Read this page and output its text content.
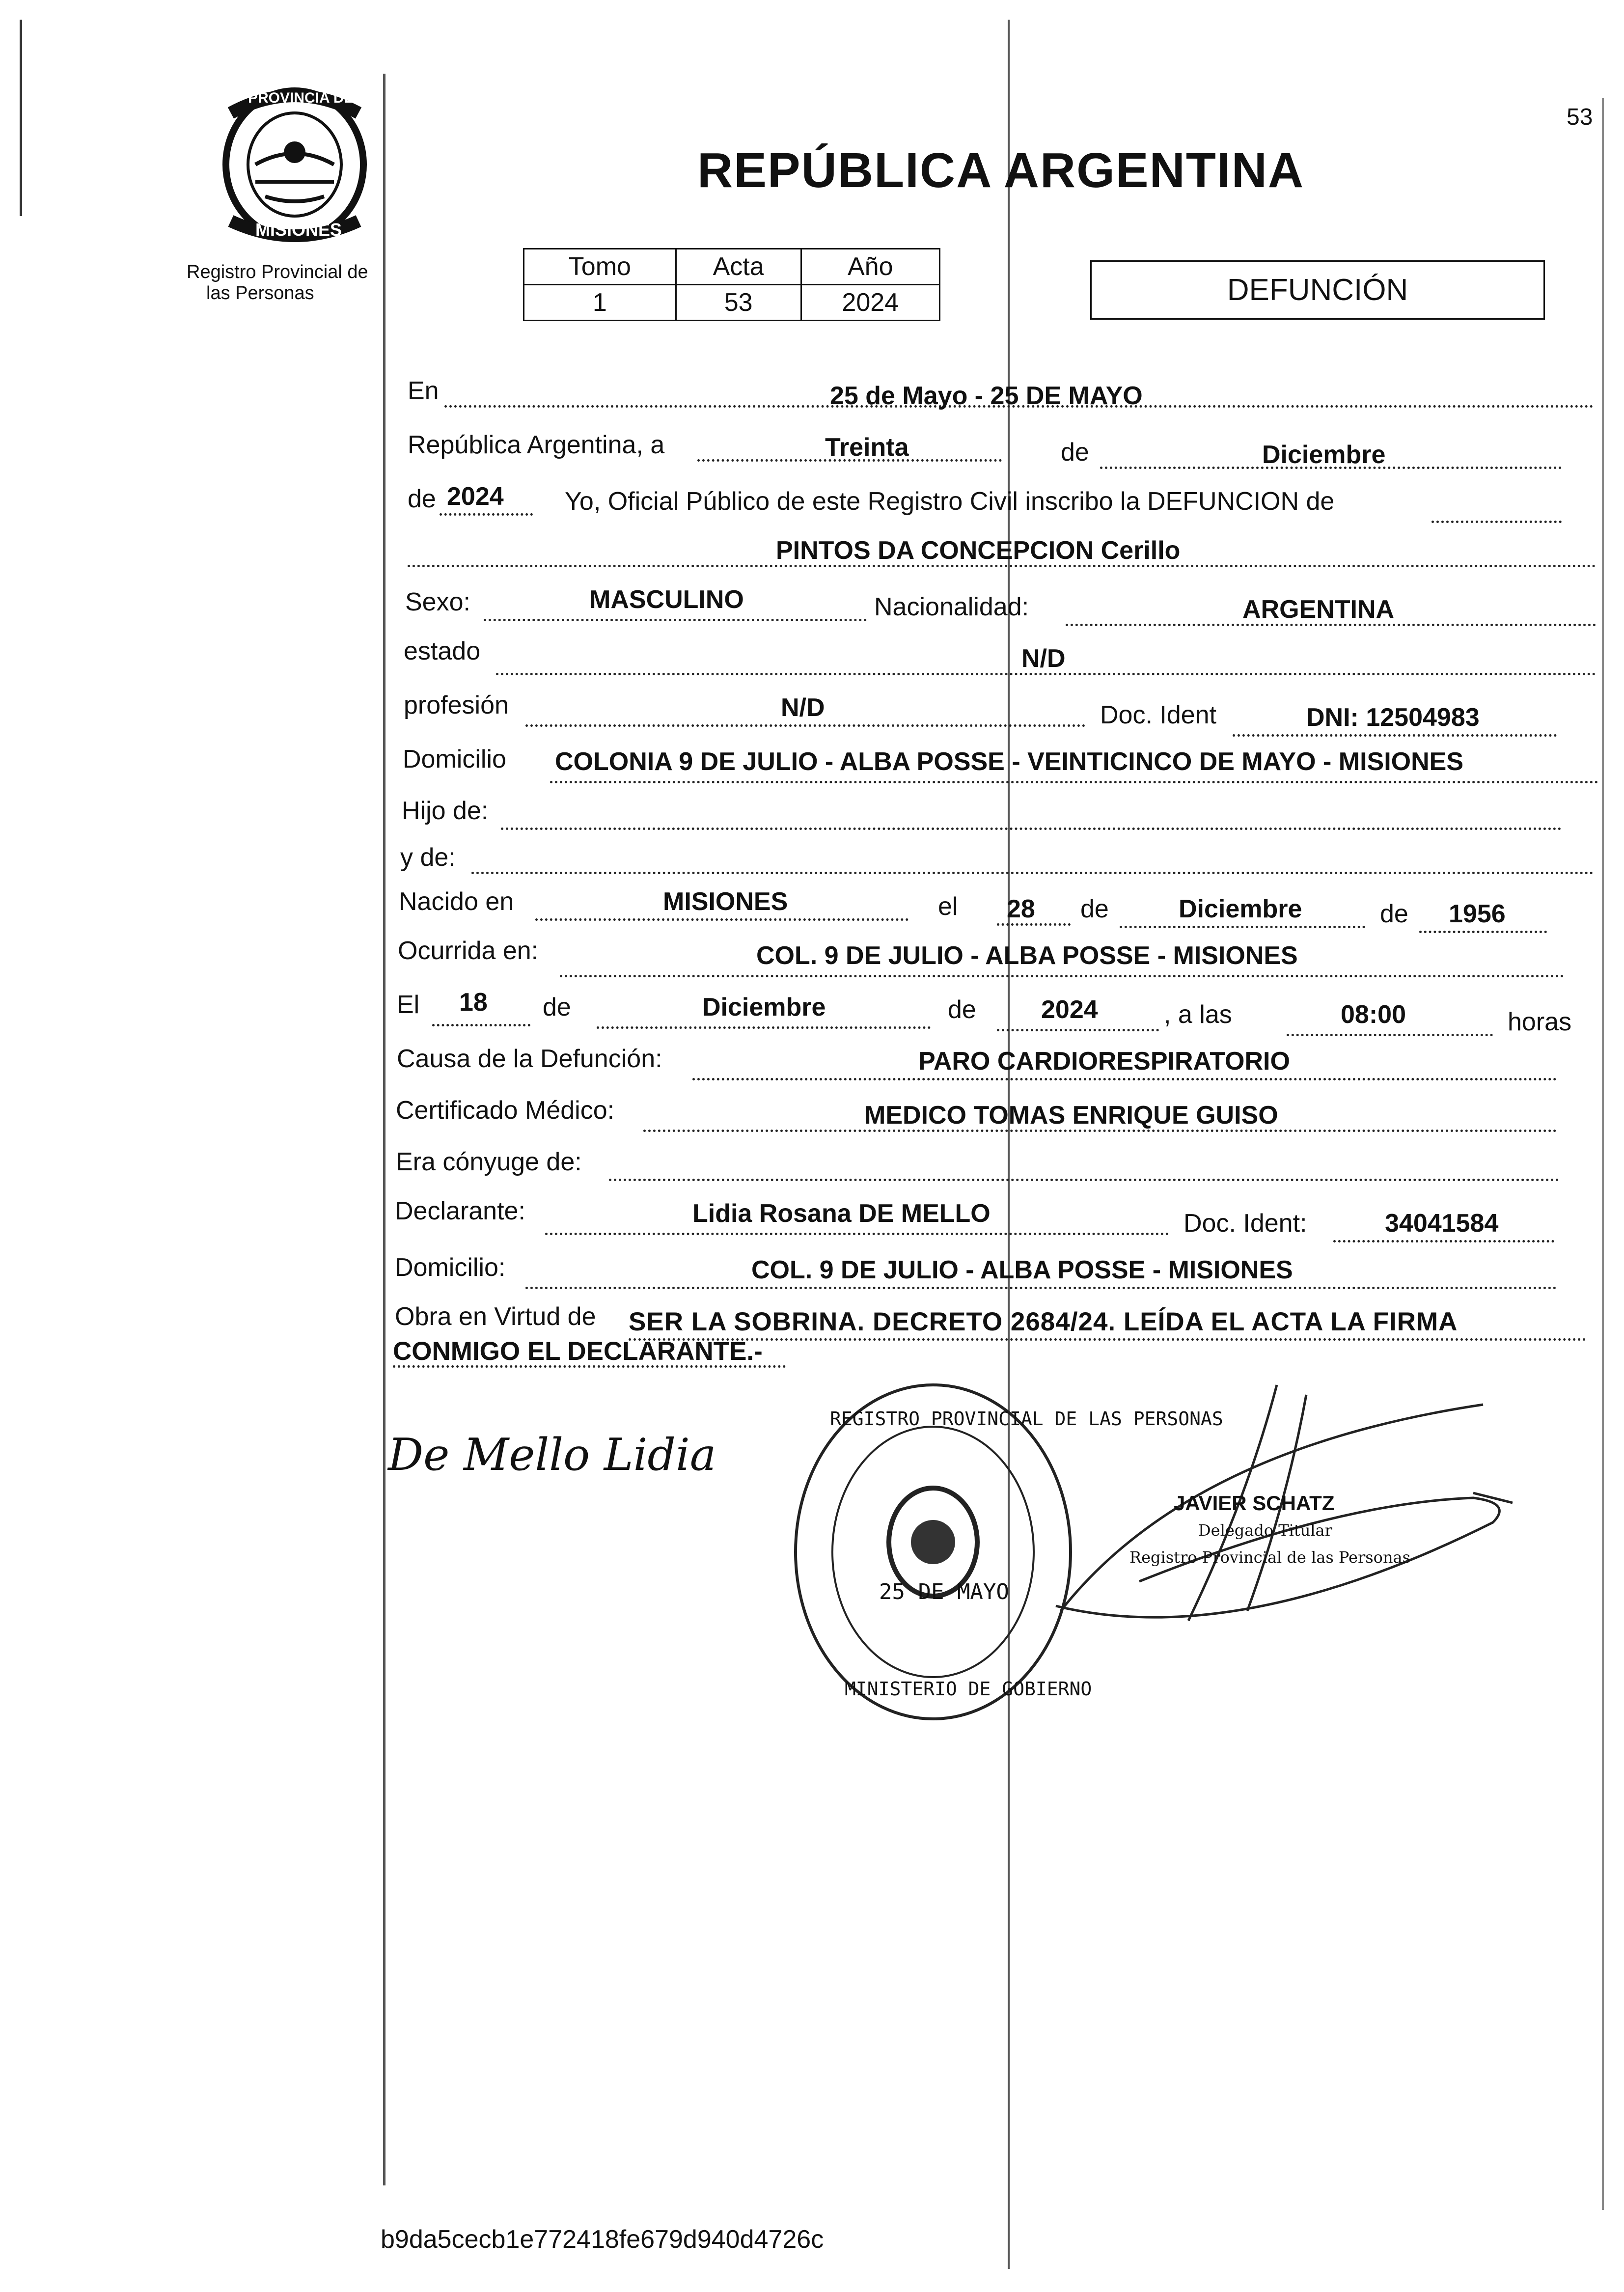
PROVINCIA DE
MISIONES
Registro Provincial de
las Personas
53
REPÚBLICA ARGENTINA
Tomo	Acta	Año
1	53	2024	DEFUNCIÓN
En	25 de Mayo - 25 DE MAYO
República Argentina, a	Treinta	de	Diciembre
de 2024 Yo, Oficial Público de este Registro Civil inscribo la DEFUNCION de
PINTOS DA CONCEPCION Cerillo
Sexo:	MASCULINO	Nacionalidad:	ARGENTINA
estado	N/D
profesión	N/D	Doc. Ident	DNI: 12504983
Domicilio COLONIA 9 DE JULIO - ALBA POSSE - VEINTICINCO DE MAYO - MISIONES
Hijo de:
y de:
Nacido en	MISIONES	el 28 de	Diciembre	de 1956
Ocurrida en:	COL. 9 DE JULIO - ALBA POSSE - MISIONES
El 18 de	Diciembre	de	2024	, a las	08:00	horas
Causa de la Defunción:	PARO CARDIORESPIRATORIO
Certificado Médico:	MEDICO TOMAS ENRIQUE GUISO
Era cónyuge de:
Declarante:	Lidia Rosana DE MELLO	Doc. Ident:	34041584
Domicilio:	COL. 9 DE JULIO - ALBA POSSE - MISIONES
Obra en Virtud de SER LA SOBRINA. DECRETO 2684/24. LEÍDA EL ACTA LA FIRMA
CONMIGO EL DECLARANTE.-
De Mello Lidia
REGISTRO PROVINCIAL DE LAS PERSONAS
25 DE MAYO
MINISTERIO DE GOBIERNO
JAVIER SCHATZ
Delegado Titular
Registro Provincial de las Personas
b9da5cecb1e772418fe679d940d4726c
